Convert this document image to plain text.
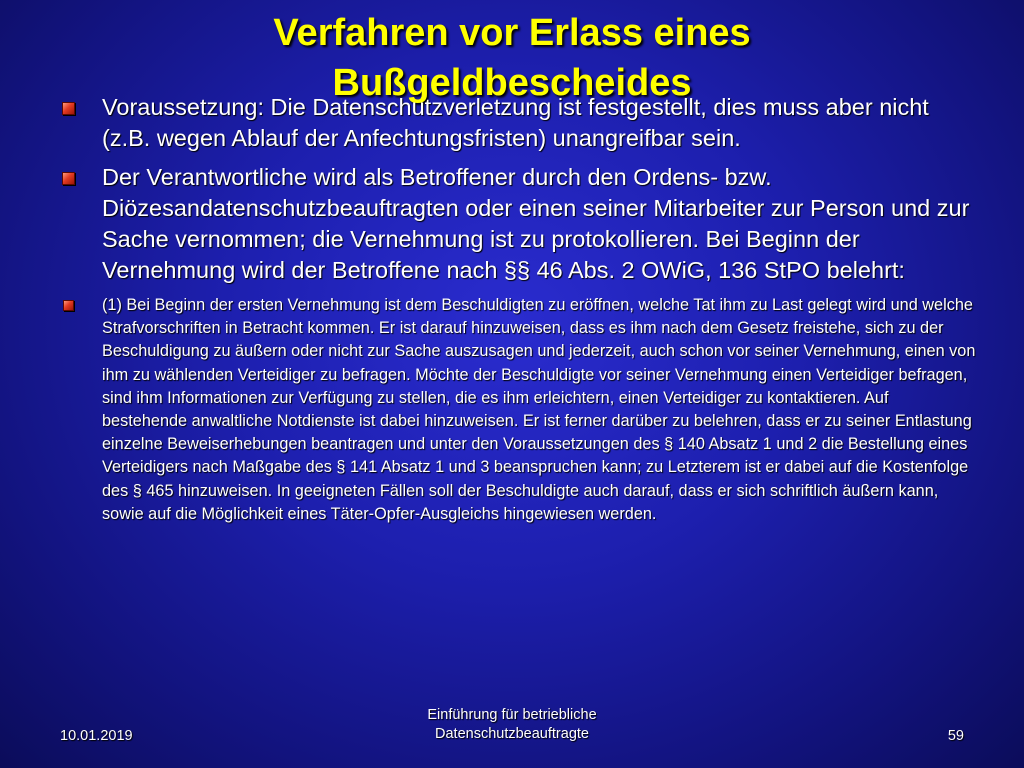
Verfahren vor Erlass eines
Bußgeldbescheides
Voraussetzung: Die Datenschutzverletzung ist festgestellt, dies muss aber nicht (z.B. wegen Ablauf der Anfechtungsfristen) unangreifbar sein.
Der Verantwortliche wird als Betroffener durch den Ordens- bzw. Diözesandatenschutzbeauftragten oder einen seiner Mitarbeiter zur Person und zur Sache vernommen; die Vernehmung ist zu protokollieren. Bei Beginn der Vernehmung wird der Betroffene nach §§ 46 Abs. 2 OWiG, 136 StPO belehrt:
(1) Bei Beginn der ersten Vernehmung ist dem Beschuldigten zu eröffnen, welche Tat ihm zu Last gelegt wird und welche Strafvorschriften in Betracht kommen. Er ist darauf hinzuweisen, dass es ihm nach dem Gesetz freistehe, sich zu der Beschuldigung zu äußern oder nicht zur Sache auszusagen und jederzeit, auch schon vor seiner Vernehmung, einen von ihm zu wählenden Verteidiger zu befragen. Möchte der Beschuldigte vor seiner Vernehmung einen Verteidiger befragen, sind ihm Informationen zur Verfügung zu stellen, die es ihm erleichtern, einen Verteidiger zu kontaktieren. Auf bestehende anwaltliche Notdienste ist dabei hinzuweisen. Er ist ferner darüber zu belehren, dass er zu seiner Entlastung einzelne Beweiserhebungen beantragen und unter den Voraussetzungen des § 140 Absatz 1 und 2 die Bestellung eines Verteidigers nach Maßgabe des § 141 Absatz 1 und 3 beanspruchen kann; zu Letzterem ist er dabei auf die Kostenfolge des § 465 hinzuweisen. In geeigneten Fällen soll der Beschuldigte auch darauf, dass er sich schriftlich äußern kann, sowie auf die Möglichkeit eines Täter-Opfer-Ausgleichs hingewiesen werden.
10.01.2019
Einführung für betriebliche
Datenschutzbeauftragte	59
